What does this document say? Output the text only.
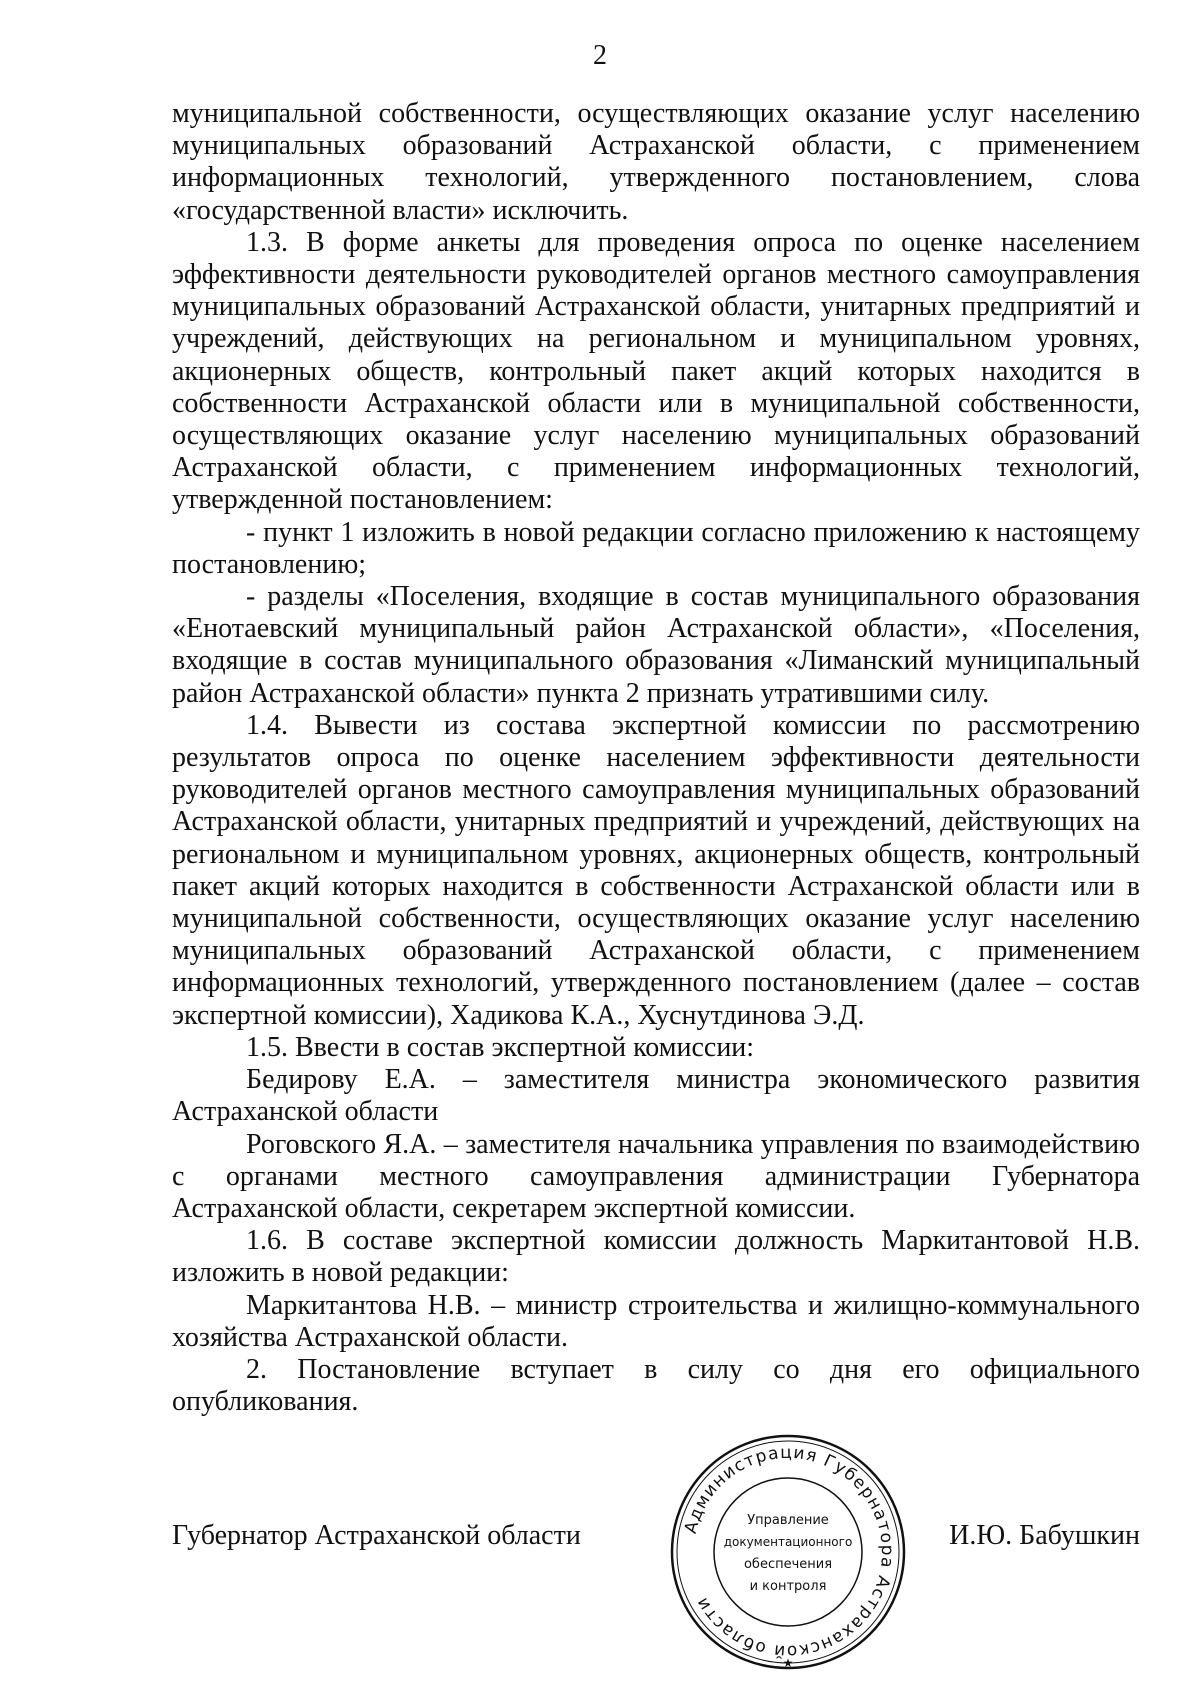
2

муниципальной собственности, осуществляющих оказание услуг населению муниципальных образований Астраханской области, с применением информационных технологий, утвержденного постановлением, слова «государственной власти» исключить.

1.3. В форме анкеты для проведения опроса по оценке населением эффективности деятельности руководителей органов местного самоуправления муниципальных образований Астраханской области, унитарных предприятий и учреждений, действующих на региональном и муниципальном уровнях, акционерных обществ, контрольный пакет акций которых находится в собственности Астраханской области или в муниципальной собственности, осуществляющих оказание услуг населению муниципальных образований Астраханской области, с применением информационных технологий, утвержденной постановлением:

- пункт 1 изложить в новой редакции согласно приложению к настоящему постановлению;

- разделы «Поселения, входящие в состав муниципального образования «Енотаевский муниципальный район Астраханской области», «Поселения, входящие в состав муниципального образования «Лиманский муниципальный район Астраханской области» пункта 2 признать утратившими силу.

1.4. Вывести из состава экспертной комиссии по рассмотрению результатов опроса по оценке населением эффективности деятельности руководителей органов местного самоуправления муниципальных образований Астраханской области, унитарных предприятий и учреждений, действующих на региональном и муниципальном уровнях, акционерных обществ, контрольный пакет акций которых находится в собственности Астраханской области или в муниципальной собственности, осуществляющих оказание услуг населению муниципальных образований Астраханской области, с применением информационных технологий, утвержденного постановлением (далее – состав экспертной комиссии), Хадикова К.А., Хуснутдинова Э.Д.

1.5. Ввести в состав экспертной комиссии:

Бедирову Е.А. – заместителя министра экономического развития Астраханской области

Роговского Я.А. – заместителя начальника управления по взаимодействию с органами местного самоуправления администрации Губернатора Астраханской области, секретарем экспертной комиссии.

1.6. В составе экспертной комиссии должность Маркитантовой Н.В. изложить в новой редакции:

Маркитантова Н.В. – министр строительства и жилищно-коммунального хозяйства Астраханской области.

2. Постановление вступает в силу со дня его официального опубликования.

Губернатор Астраханской области	И.Ю. Бабушкин
Администрация Губернатора Астраханской области
★
Управление
документационного
обеспечения
и контроля
